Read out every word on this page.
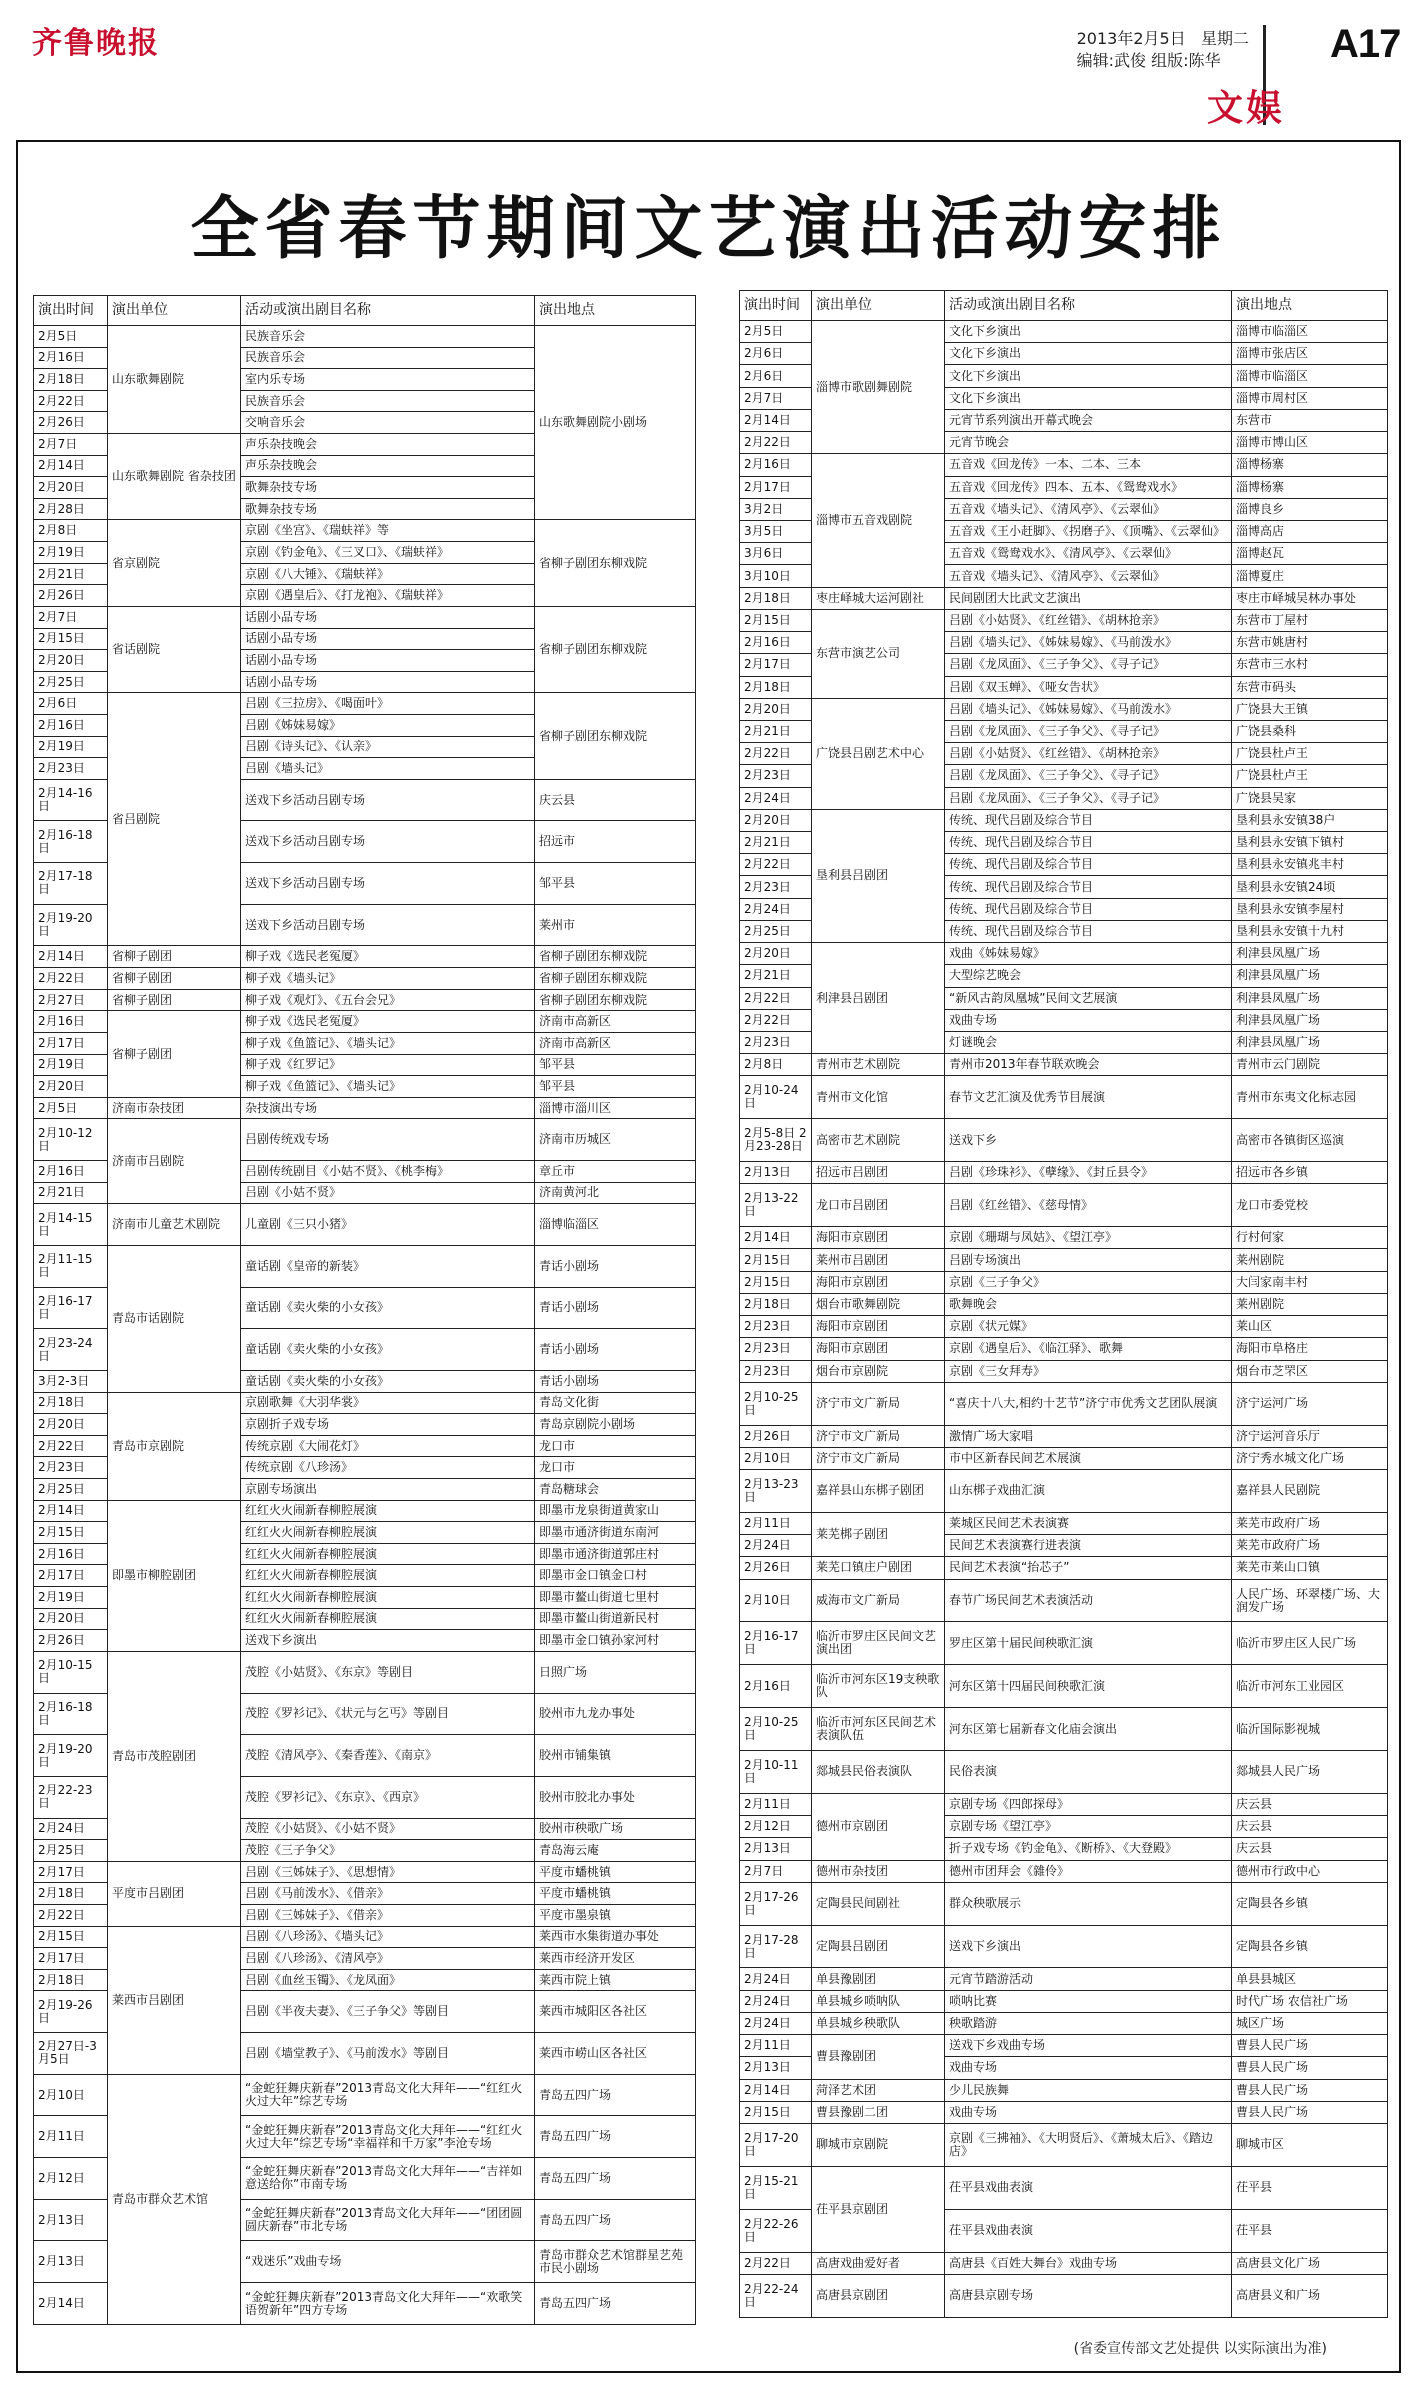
齐鲁晚报	2013年2月5日 星期二
编辑:武俊 组版:陈华	A17
文娱
全省春节期间文艺演出活动安排
演出时间	演出单位	活动或演出剧目名称	演出地点
2月5日	山东歌舞剧院	民族音乐会	山东歌舞剧院小剧场
2月16日		民族音乐会	
2月18日		室内乐专场	
2月22日		民族音乐会	
2月26日		交响音乐会	
2月7日	山东歌舞剧院 省杂技团	声乐杂技晚会	
2月14日		声乐杂技晚会	
2月20日		歌舞杂技专场	
2月28日		歌舞杂技专场	
2月8日	省京剧院	京剧《坐宫》、《瑞蚨祥》等	省柳子剧团东柳戏院
2月19日		京剧《钓金龟》、《三叉口》、《瑞蚨祥》	
2月21日		京剧《八大锤》、《瑞蚨祥》	
2月26日		京剧《遇皇后》、《打龙袍》、《瑞蚨祥》	
2月7日	省话剧院	话剧小品专场	省柳子剧团东柳戏院
2月15日		话剧小品专场	
2月20日		话剧小品专场	
2月25日		话剧小品专场	
2月6日	省吕剧院	吕剧《三拉房》、《喝面叶》	省柳子剧团东柳戏院
2月16日		吕剧《姊妹易嫁》	
2月19日		吕剧《诗头记》、《认亲》	
2月23日		吕剧《墙头记》	
2月14-16日		送戏下乡活动吕剧专场	庆云县
2月16-18日		送戏下乡活动吕剧专场	招远市
2月17-18日		送戏下乡活动吕剧专场	邹平县
2月19-20日		送戏下乡活动吕剧专场	莱州市
2月14日	省柳子剧团	柳子戏《选民老冤厦》	省柳子剧团东柳戏院
2月22日	省柳子剧团	柳子戏《墙头记》	省柳子剧团东柳戏院
2月27日	省柳子剧团	柳子戏《观灯》、《五台会兄》	省柳子剧团东柳戏院
2月16日	省柳子剧团	柳子戏《选民老冤厦》	济南市高新区
2月17日		柳子戏《鱼篮记》、《墙头记》	济南市高新区
2月19日		柳子戏《红罗记》	邹平县
2月20日		柳子戏《鱼篮记》、《墙头记》	邹平县
2月5日	济南市杂技团	杂技演出专场	淄博市淄川区
2月10-12日	济南市吕剧院	吕剧传统戏专场	济南市历城区
2月16日		吕剧传统剧目《小姑不贤》、《桃李梅》	章丘市
2月21日		吕剧《小姑不贤》	济南黄河北
2月14-15日	济南市儿童艺术剧院	儿童剧《三只小猪》	淄博临淄区
2月11-15日	青岛市话剧院	童话剧《皇帝的新装》	青话小剧场
2月16-17日		童话剧《卖火柴的小女孩》	青话小剧场
2月23-24日		童话剧《卖火柴的小女孩》	青话小剧场
3月2-3日		童话剧《卖火柴的小女孩》	青话小剧场
2月18日	青岛市京剧院	京剧歌舞《大羽华裳》	青岛文化街
2月20日		京剧折子戏专场	青岛京剧院小剧场
2月22日		传统京剧《大闹花灯》	龙口市
2月23日		传统京剧《八珍汤》	龙口市
2月25日		京剧专场演出	青岛糖球会
2月14日	即墨市柳腔剧团	红红火火闹新春柳腔展演	即墨市龙泉街道黄家山
2月15日		红红火火闹新春柳腔展演	即墨市通济街道东南河
2月16日		红红火火闹新春柳腔展演	即墨市通济街道郭庄村
2月17日		红红火火闹新春柳腔展演	即墨市金口镇金口村
2月19日		红红火火闹新春柳腔展演	即墨市鳌山街道七里村
2月20日		红红火火闹新春柳腔展演	即墨市鳌山街道新民村
2月26日		送戏下乡演出	即墨市金口镇孙家河村
2月10-15日	青岛市茂腔剧团	茂腔《小姑贤》、《东京》等剧目	日照广场
2月16-18日		茂腔《罗衫记》、《状元与乞丐》等剧目	胶州市九龙办事处
2月19-20日		茂腔《清风亭》、《秦香莲》、《南京》	胶州市铺集镇
2月22-23日		茂腔《罗衫记》、《东京》、《西京》	胶州市胶北办事处
2月24日		茂腔《小姑贤》、《小姑不贤》	胶州市秧歌广场
2月25日		茂腔《三子争父》	青岛海云庵
2月17日	平度市吕剧团	吕剧《三姊妹子》、《思想情》	平度市蟠桃镇
2月18日		吕剧《马前泼水》、《借亲》	平度市蟠桃镇
2月22日		吕剧《三姊妹子》、《借亲》	平度市墨泉镇
2月15日	莱西市吕剧团	吕剧《八珍汤》、《墙头记》	莱西市水集街道办事处
2月17日		吕剧《八珍汤》、《清风亭》	莱西市经济开发区
2月18日		吕剧《血丝玉镯》、《龙凤面》	莱西市院上镇
2月19-26日		吕剧《半夜夫妻》、《三子争父》等剧目	莱西市城阳区各社区
2月27日-3月5日		吕剧《墙堂教子》、《马前泼水》等剧目	莱西市崂山区各社区
2月10日	青岛市群众艺术馆	“金蛇狂舞庆新春”2013青岛文化大拜年——“红红火火过大年”综艺专场	青岛五四广场
2月11日		“金蛇狂舞庆新春”2013青岛文化大拜年——“红红火火过大年”综艺专场“幸福祥和千万家”李沧专场	青岛五四广场
2月12日		“金蛇狂舞庆新春”2013青岛文化大拜年——“吉祥如意送给你”市南专场	青岛五四广场
2月13日		“金蛇狂舞庆新春”2013青岛文化大拜年——“团团圆圆庆新春”市北专场	青岛五四广场
2月13日		“戏迷乐”戏曲专场	青岛市群众艺术馆群星艺苑市民小剧场
2月14日		“金蛇狂舞庆新春”2013青岛文化大拜年——“欢歌笑语贺新年”四方专场	青岛五四广场
演出时间	演出单位	活动或演出剧目名称	演出地点
2月5日	淄博市歌剧舞剧院	文化下乡演出	淄博市临淄区
2月6日		文化下乡演出	淄博市张店区
2月6日		文化下乡演出	淄博市临淄区
2月7日		文化下乡演出	淄博市周村区
2月14日		元宵节系列演出开幕式晚会	东营市
2月22日		元宵节晚会	淄博市博山区
2月16日	淄博市五音戏剧院	五音戏《回龙传》一本、二本、三本	淄博杨寨
2月17日		五音戏《回龙传》四本、五本、《鸳鸯戏水》	淄博杨寨
3月2日		五音戏《墙头记》、《清风亭》、《云翠仙》	淄博良乡
3月5日		五音戏《王小赶脚》、《拐磨子》、《顶嘴》、《云翠仙》	淄博高店
3月6日		五音戏《鸳鸯戏水》、《清风亭》、《云翠仙》	淄博赵瓦
3月10日		五音戏《墙头记》、《清风亭》、《云翠仙》	淄博夏庄
2月18日	枣庄峄城大运河剧社	民间剧团大比武文艺演出	枣庄市峄城吴林办事处
2月15日	东营市演艺公司	吕剧《小姑贤》、《红丝错》、《胡林抢亲》	东营市丁屋村
2月16日		吕剧《墙头记》、《姊妹易嫁》、《马前泼水》	东营市姚唐村
2月17日		吕剧《龙凤面》、《三子争父》、《寻子记》	东营市三水村
2月18日		吕剧《双玉蝉》、《哑女告状》	东营市码头
2月20日	广饶县吕剧艺术中心	吕剧《墙头记》、《姊妹易嫁》、《马前泼水》	广饶县大王镇
2月21日		吕剧《龙凤面》、《三子争父》、《寻子记》	广饶县桑科
2月22日		吕剧《小姑贤》、《红丝错》、《胡林抢亲》	广饶县杜卢王
2月23日		吕剧《龙凤面》、《三子争父》、《寻子记》	广饶县杜卢王
2月24日		吕剧《龙凤面》、《三子争父》、《寻子记》	广饶县吴家
2月20日	垦利县吕剧团	传统、现代吕剧及综合节目	垦利县永安镇38户
2月21日		传统、现代吕剧及综合节目	垦利县永安镇下镇村
2月22日		传统、现代吕剧及综合节目	垦利县永安镇兆丰村
2月23日		传统、现代吕剧及综合节目	垦利县永安镇24顷
2月24日		传统、现代吕剧及综合节目	垦利县永安镇李屋村
2月25日		传统、现代吕剧及综合节目	垦利县永安镇十九村
2月20日	利津县吕剧团	戏曲《姊妹易嫁》	利津县凤凰广场
2月21日		大型综艺晚会	利津县凤凰广场
2月22日		“新风古韵凤凰城”民间文艺展演	利津县凤凰广场
2月22日		戏曲专场	利津县凤凰广场
2月23日		灯谜晚会	利津县凤凰广场
2月8日	青州市艺术剧院	青州市2013年春节联欢晚会	青州市云门剧院
2月10-24日	青州市文化馆	春节文艺汇演及优秀节目展演	青州市东夷文化标志园
2月5-8日 2月23-28日	高密市艺术剧院	送戏下乡	高密市各镇街区巡演
2月13日	招远市吕剧团	吕剧《珍珠衫》、《孽缘》、《封丘县令》	招远市各乡镇
2月13-22日	龙口市吕剧团	吕剧《红丝错》、《慈母情》	龙口市委党校
2月14日	海阳市京剧团	京剧《珊瑚与凤姑》、《望江亭》	行村何家
2月15日	莱州市吕剧团	吕剧专场演出	莱州剧院
2月15日	海阳市京剧团	京剧《三子争父》	大闫家南丰村
2月18日	烟台市歌舞剧院	歌舞晚会	莱州剧院
2月23日	海阳市京剧团	京剧《状元媒》	莱山区
2月23日	海阳市京剧团	京剧《遇皇后》、《临江驿》、歌舞	海阳市阜格庄
2月23日	烟台市京剧院	京剧《三女拜寿》	烟台市芝罘区
2月10-25日	济宁市文广新局	“喜庆十八大,相约十艺节”济宁市优秀文艺团队展演	济宁运河广场
2月26日	济宁市文广新局	激情广场大家唱	济宁运河音乐厅
2月10日	济宁市文广新局	市中区新春民间艺术展演	济宁秀水城文化广场
2月13-23日	嘉祥县山东梆子剧团	山东梆子戏曲汇演	嘉祥县人民剧院
2月11日	莱芜梆子剧团	莱城区民间艺术表演赛	莱芜市政府广场
2月24日		民间艺术表演赛行进表演	莱芜市政府广场
2月26日	莱芜口镇庄户剧团	民间艺术表演“抬芯子”	莱芜市莱山口镇
2月10日	威海市文广新局	春节广场民间艺术表演活动	人民广场、环翠楼广场、大润发广场
2月16-17日	临沂市罗庄区民间文艺演出团	罗庄区第十届民间秧歌汇演	临沂市罗庄区人民广场
2月16日	临沂市河东区19支秧歌队	河东区第十四届民间秧歌汇演	临沂市河东工业园区
2月10-25日	临沂市河东区民间艺术表演队伍	河东区第七届新春文化庙会演出	临沂国际影视城
2月10-11日	郯城县民俗表演队	民俗表演	郯城县人民广场
2月11日	德州市京剧团	京剧专场《四郎探母》	庆云县
2月12日		京剧专场《望江亭》	庆云县
2月13日		折子戏专场《钓金龟》、《断桥》、《大登殿》	庆云县
2月7日	德州市杂技团	德州市团拜会《雜伶》	德州市行政中心
2月17-26日	定陶县民间剧社	群众秧歌展示	定陶县各乡镇
2月17-28日	定陶县吕剧团	送戏下乡演出	定陶县各乡镇
2月24日	单县豫剧团	元宵节踏游活动	单县县城区
2月24日	单县城乡唢呐队	唢呐比赛	时代广场 农信社广场
2月24日	单县城乡秧歌队	秧歌踏游	城区广场
2月11日	曹县豫剧团	送戏下乡戏曲专场	曹县人民广场
2月13日		戏曲专场	曹县人民广场
2月14日	菏泽艺术团	少儿民族舞	曹县人民广场
2月15日	曹县豫剧二团	戏曲专场	曹县人民广场
2月17-20日	聊城市京剧院	京剧《三拂袖》、《大明贤后》、《萧城太后》、《踏边店》	聊城市区
2月15-21日	茌平县京剧团	茌平县戏曲表演	茌平县
2月22-26日		茌平县戏曲表演	茌平县
2月22日	高唐戏曲爱好者	高唐县《百姓大舞台》戏曲专场	高唐县文化广场
2月22-24日	高唐县京剧团	高唐县京剧专场	高唐县义和广场
(省委宣传部文艺处提供 以实际演出为准)
